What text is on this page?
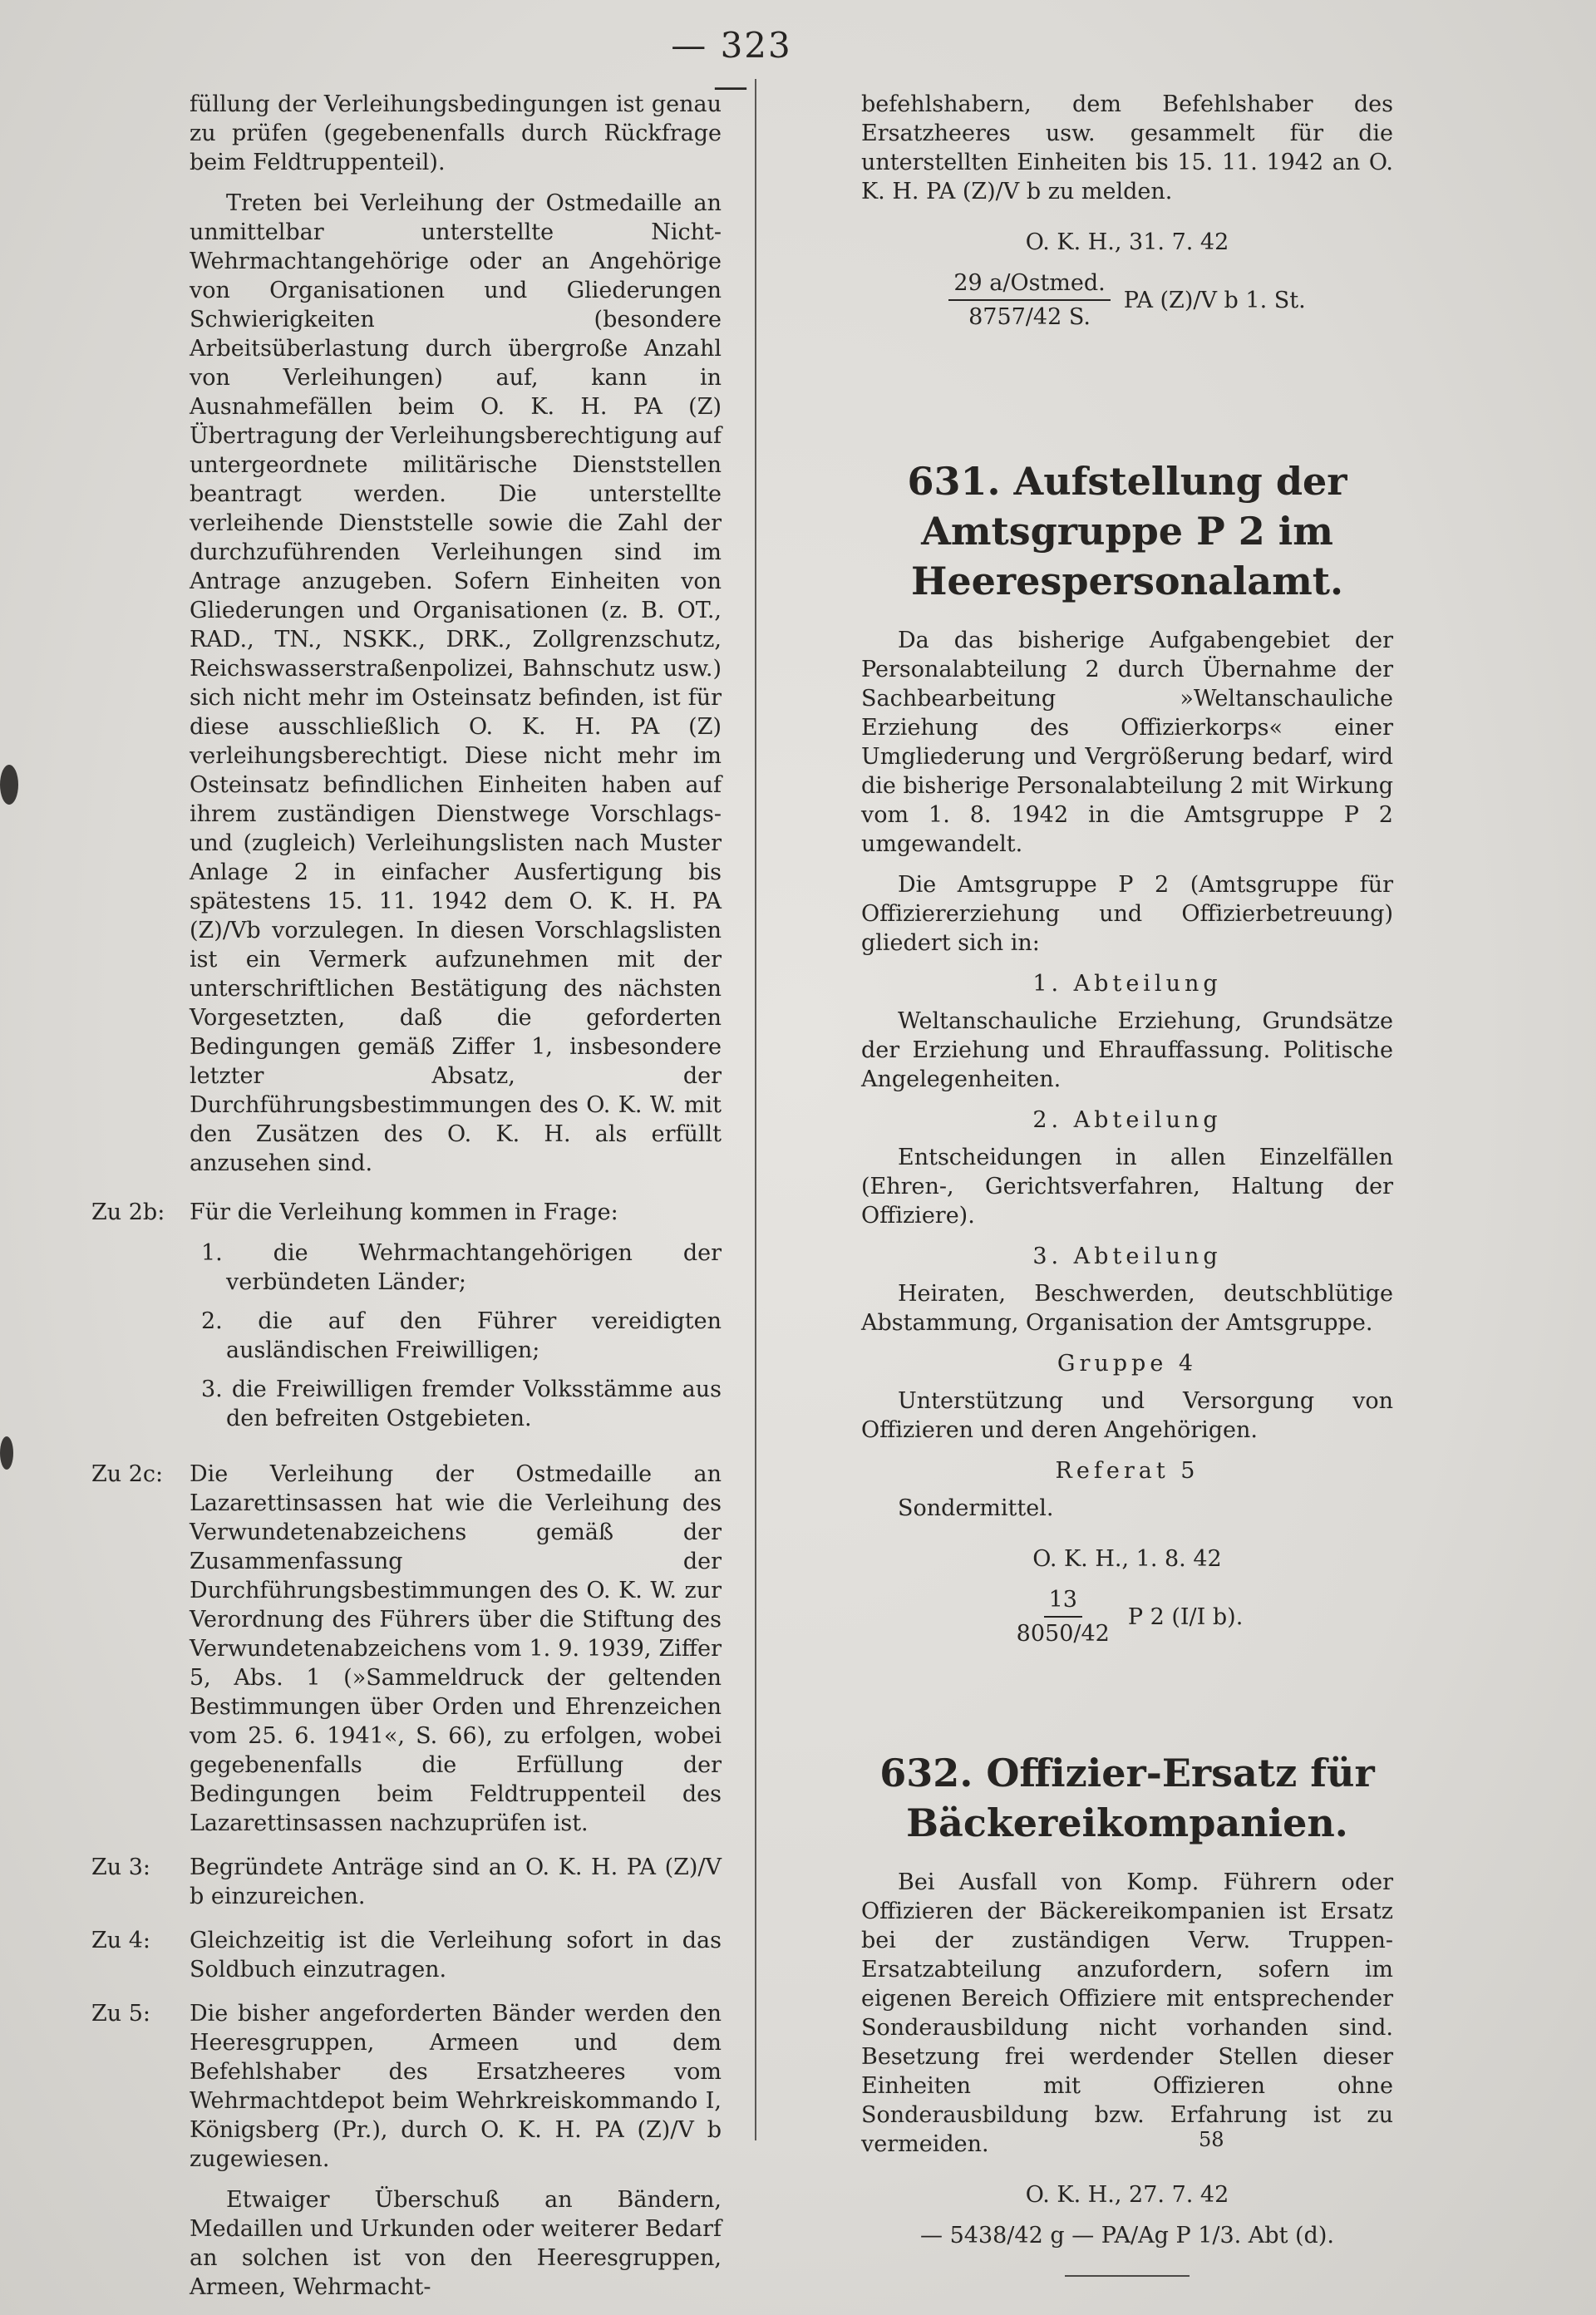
— 323 —

füllung der Verleihungsbedingungen ist genau zu prüfen (gegebenenfalls durch Rückfrage beim Feldtruppenteil).

Treten bei Verleihung der Ostmedaille an unmittelbar unterstellte Nicht-Wehrmachtangehörige oder an Angehörige von Organisationen und Gliederungen Schwierigkeiten (besondere Arbeitsüberlastung durch übergroße Anzahl von Verleihungen) auf, kann in Ausnahmefällen beim O. K. H. PA (Z) Übertragung der Verleihungsberechtigung auf untergeordnete militärische Dienststellen beantragt werden. Die unterstellte verleihende Dienststelle sowie die Zahl der durchzuführenden Verleihungen sind im Antrage anzugeben. Sofern Einheiten von Gliederungen und Organisationen (z. B. OT., RAD., TN., NSKK., DRK., Zollgrenzschutz, Reichswasserstraßenpolizei, Bahnschutz usw.) sich nicht mehr im Osteinsatz befinden, ist für diese ausschließlich O. K. H. PA (Z) verleihungsberechtigt. Diese nicht mehr im Osteinsatz befindlichen Einheiten haben auf ihrem zuständigen Dienstwege Vorschlags- und (zugleich) Verleihungslisten nach Muster Anlage 2 in einfacher Ausfertigung bis spätestens 15. 11. 1942 dem O. K. H. PA (Z)/Vb vorzulegen. In diesen Vorschlagslisten ist ein Vermerk aufzunehmen mit der unterschriftlichen Bestätigung des nächsten Vorgesetzten, daß die geforderten Bedingungen gemäß Ziffer 1, insbesondere letzter Absatz, der Durchführungsbestimmungen des O. K. W. mit den Zusätzen des O. K. H. als erfüllt anzusehen sind.

Zu 2b:	Für die Verleihung kommen in Frage:
1. die Wehrmachtangehörigen der verbündeten Länder;
2. die auf den Führer vereidigten ausländischen Freiwilligen;
3. die Freiwilligen fremder Volksstämme aus den befreiten Ostgebieten.
Zu 2c:	Die Verleihung der Ostmedaille an Lazarettinsassen hat wie die Verleihung des Verwundetenabzeichens gemäß der Zusammenfassung der Durchführungsbestimmungen des O. K. W. zur Verordnung des Führers über die Stiftung des Verwundetenabzeichens vom 1. 9. 1939, Ziffer 5, Abs. 1 (»Sammeldruck der geltenden Bestimmungen über Orden und Ehrenzeichen vom 25. 6. 1941«, S. 66), zu erfolgen, wobei gegebenenfalls die Erfüllung der Bedingungen beim Feldtruppenteil des Lazarettinsassen nachzuprüfen ist.
Zu 3:	Begründete Anträge sind an O. K. H. PA (Z)/V b einzureichen.
Zu 4:	Gleichzeitig ist die Verleihung sofort in das Soldbuch einzutragen.
Zu 5:	Die bisher angeforderten Bänder werden den Heeresgruppen, Armeen und dem Befehlshaber des Ersatzheeres vom Wehrmachtdepot beim Wehrkreiskommando I, Königsberg (Pr.), durch O. K. H. PA (Z)/V b zugewiesen.

Etwaiger Überschuß an Bändern, Medaillen und Urkunden oder weiterer Bedarf an solchen ist von den Heeresgruppen, Armeen, Wehrmacht-

befehlshabern, dem Befehlshaber des Ersatzheeres usw. gesammelt für die unterstellten Einheiten bis 15. 11. 1942 an O. K. H. PA (Z)/V b zu melden.

O. K. H., 31. 7. 42
$\frac{\text{29 a/Ostmed.}}{8757/42 S.}$ PA (Z)/V b 1. St.
631. Aufstellung der Amtsgruppe P 2 im Heerespersonalamt.

Da das bisherige Aufgabengebiet der Personalabteilung 2 durch Übernahme der Sachbearbeitung »Weltanschauliche Erziehung des Offizierkorps« einer Umgliederung und Vergrößerung bedarf, wird die bisherige Personalabteilung 2 mit Wirkung vom 1. 8. 1942 in die Amtsgruppe P 2 umgewandelt.

Die Amtsgruppe P 2 (Amtsgruppe für Offiziererziehung und Offizierbetreuung) gliedert sich in:

1. Abteilung

Weltanschauliche Erziehung, Grundsätze der Erziehung und Ehrauffassung. Politische Angelegenheiten.

2. Abteilung

Entscheidungen in allen Einzelfällen (Ehren-, Gerichtsverfahren, Haltung der Offiziere).

3. Abteilung

Heiraten, Beschwerden, deutschblütige Abstammung, Organisation der Amtsgruppe.

Gruppe 4

Unterstützung und Versorgung von Offizieren und deren Angehörigen.

Referat 5

Sondermittel.

O. K. H., 1. 8. 42
$\frac{13}{8050/42}$ P 2 (I/I b).
632. Offizier-Ersatz für Bäckereikompanien.

Bei Ausfall von Komp. Führern oder Offizieren der Bäckereikompanien ist Ersatz bei der zuständigen Verw. Truppen-Ersatzabteilung anzufordern, sofern im eigenen Bereich Offiziere mit entsprechender Sonderausbildung nicht vorhanden sind. Besetzung frei werdender Stellen dieser Einheiten mit Offizieren ohne Sonderausbildung bzw. Erfahrung ist zu vermeiden.

O. K. H., 27. 7. 42
— 5438/42 g — PA/Ag P 1/3. Abt (d).
58
